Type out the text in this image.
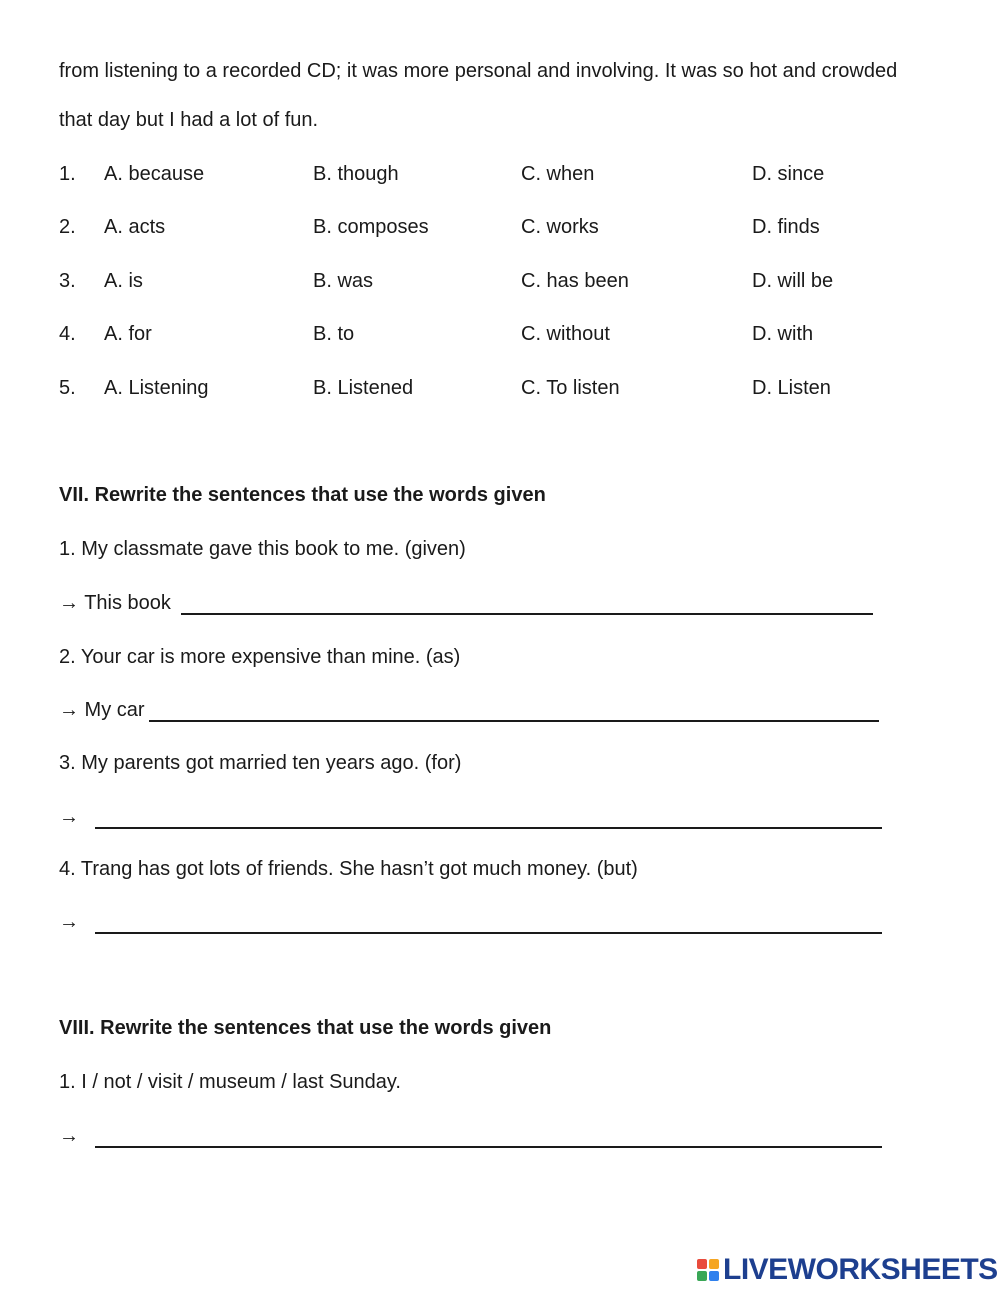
from listening to a recorded CD; it was more personal and involving. It was so hot and crowded
that day but I had a lot of fun.
1. A. because	B. though	C. when	D. since
2. A. acts	B. composes	C. works	D. finds
3. A. is	B. was	C. has been	D. will be
4. A. for	B. to	C. without	D. with
5. A. Listening	B. Listened	C. To listen	D. Listen
VII. Rewrite the sentences that use the words given
1. My classmate gave this book to me. (given)
→ This book
2. Your car is more expensive than mine. (as)
→ My car
3. My parents got married ten years ago. (for)
→
4. Trang has got lots of friends. She hasn’t got much money. (but)
→
VIII. Rewrite the sentences that use the words given
1. I / not / visit / museum / last Sunday.
→
LIVEWORKSHEETS
